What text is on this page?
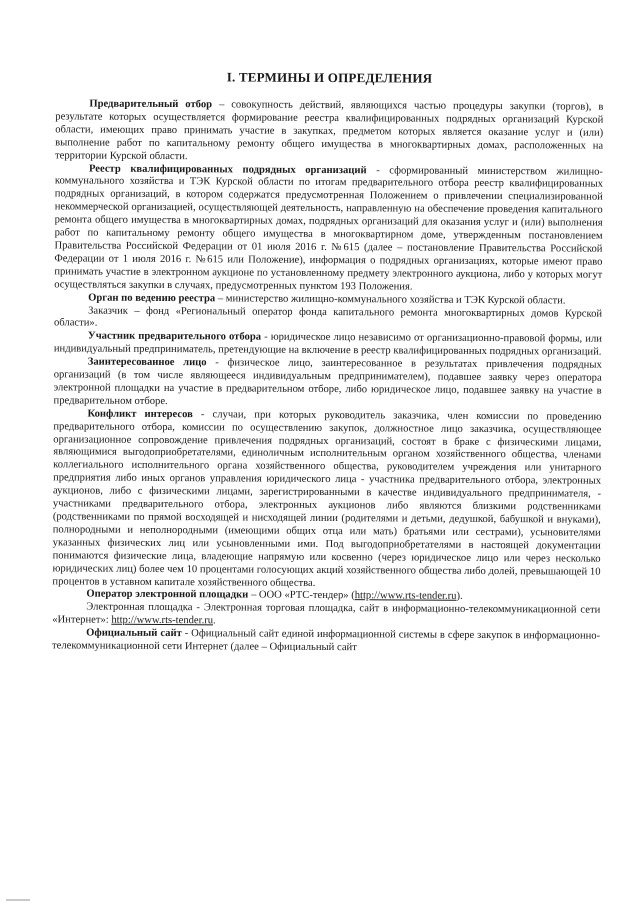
I. ТЕРМИНЫ И ОПРЕДЕЛЕНИЯ

Предварительный отбор – совокупность действий, являющихся частью процедуры закупки (торгов), в результате которых осуществляется формирование реестра квалифицированных подрядных организаций Курской области, имеющих право принимать участие в закупках, предметом которых является оказание услуг и (или) выполнение работ по капитальному ремонту общего имущества в многоквартирных домах, расположенных на территории Курской области.

Реестр квалифицированных подрядных организаций - сформированный министерством жилищно-коммунального хозяйства и ТЭК Курской области по итогам предварительного отбора реестр квалифицированных подрядных организаций, в котором содержатся предусмотренная Положением о привлечении специализированной некоммерческой организацией, осуществляющей деятельность, направленную на обеспечение проведения капитального ремонта общего имущества в многоквартирных домах, подрядных организаций для оказания услуг и (или) выполнения работ по капитальному ремонту общего имущества в многоквартирном доме, утвержденным постановлением Правительства Российской Федерации от 01 июля 2016 г. №615 (далее – постановление Правительства Российской Федерации от 1 июля 2016 г. №615 или Положение), информация о подрядных организациях, которые имеют право принимать участие в электронном аукционе по установленному предмету электронного аукциона, либо у которых могут осуществляться закупки в случаях, предусмотренных пунктом 193 Положения.

Орган по ведению реестра – министерство жилищно-коммунального хозяйства и ТЭК Курской области.

Заказчик – фонд «Региональный оператор фонда капитального ремонта многоквартирных домов Курской области».

Участник предварительного отбора - юридическое лицо независимо от организационно-правовой формы, или индивидуальный предприниматель, претендующие на включение в реестр квалифицированных подрядных организаций.

Заинтересованное лицо - физическое лицо, заинтересованное в результатах привлечения подрядных организаций (в том числе являющееся индивидуальным предпринимателем), подавшее заявку через оператора электронной площадки на участие в предварительном отборе, либо юридическое лицо, подавшее заявку на участие в предварительном отборе.

Конфликт интересов - случаи, при которых руководитель заказчика, член комиссии по проведению предварительного отбора, комиссии по осуществлению закупок, должностное лицо заказчика, осуществляющее организационное сопровождение привлечения подрядных организаций, состоят в браке с физическими лицами, являющимися выгодоприобретателями, единоличным исполнительным органом хозяйственного общества, членами коллегиального исполнительного органа хозяйственного общества, руководителем учреждения или унитарного предприятия либо иных органов управления юридического лица - участника предварительного отбора, электронных аукционов, либо с физическими лицами, зарегистрированными в качестве индивидуального предпринимателя, - участниками предварительного отбора, электронных аукционов либо являются близкими родственниками (родственниками по прямой восходящей и нисходящей линии (родителями и детьми, дедушкой, бабушкой и внуками), полнородными и неполнородными (имеющими общих отца или мать) братьями или сестрами), усыновителями указанных физических лиц или усыновленными ими. Под выгодоприобретателями в настоящей документации понимаются физические лица, владеющие напрямую или косвенно (через юридическое лицо или через несколько юридических лиц) более чем 10 процентами голосующих акций хозяйственного общества либо долей, превышающей 10 процентов в уставном капитале хозяйственного общества.

Оператор электронной площадки – ООО «РТС-тендер» (http://www.rts-tender.ru).

Электронная площадка - Электронная торговая площадка, сайт в информационно-телекоммуникационной сети «Интернет»: http://www.rts-tender.ru.

Официальный сайт - Официальный сайт единой информационной системы в сфере закупок в информационно-телекоммуникационной сети Интернет (далее – Официальный сайт
